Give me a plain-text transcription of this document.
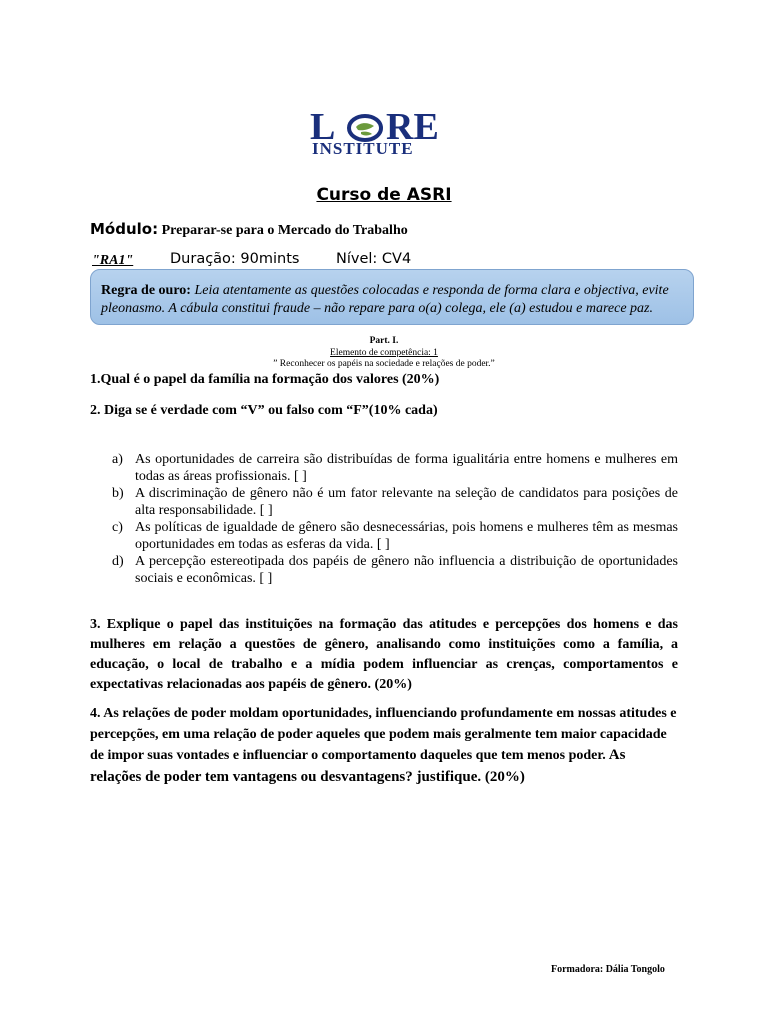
L RE
INSTITUTE
Curso de ASRI
Módulo: Preparar-se para o Mercado do Trabalho
"RA1"	Duração: 90mints	Nível: CV4
Regra de ouro: Leia atentamente as questões colocadas e responda de forma clara e objectiva, evite pleonasmo. A cábula constitui fraude – não repare para o(a) colega, ele (a) estudou e marece paz.
Part. I.
Elemento de competência: 1
” Reconhecer os papéis na sociedade e relações de poder.”
1.Qual é o papel da família na formação dos valores (20%)
2. Diga se é verdade com “V” ou falso com “F”(10% cada)
a) As oportunidades de carreira são distribuídas de forma igualitária entre homens e mulheres em todas as áreas profissionais. [ ]
b) A discriminação de gênero não é um fator relevante na seleção de candidatos para posições de alta responsabilidade. [ ]
c) As políticas de igualdade de gênero são desnecessárias, pois homens e mulheres têm as mesmas oportunidades em todas as esferas da vida. [ ]
d) A percepção estereotipada dos papéis de gênero não influencia a distribuição de oportunidades sociais e econômicas. [ ]
3. Explique o papel das instituições na formação das atitudes e percepções dos homens e das mulheres em relação a questões de gênero, analisando como instituições como a família, a educação, o local de trabalho e a mídia podem influenciar as crenças, comportamentos e expectativas relacionadas aos papéis de gênero. (20%)
4. As relações de poder moldam oportunidades, influenciando profundamente em nossas atitudes e percepções, em uma relação de poder aqueles que podem mais geralmente tem maior capacidade de impor suas vontades e influenciar o comportamento daqueles que tem menos poder. As relações de poder tem vantagens ou desvantagens? justifique. (20%)
Formadora: Dália Tongolo
